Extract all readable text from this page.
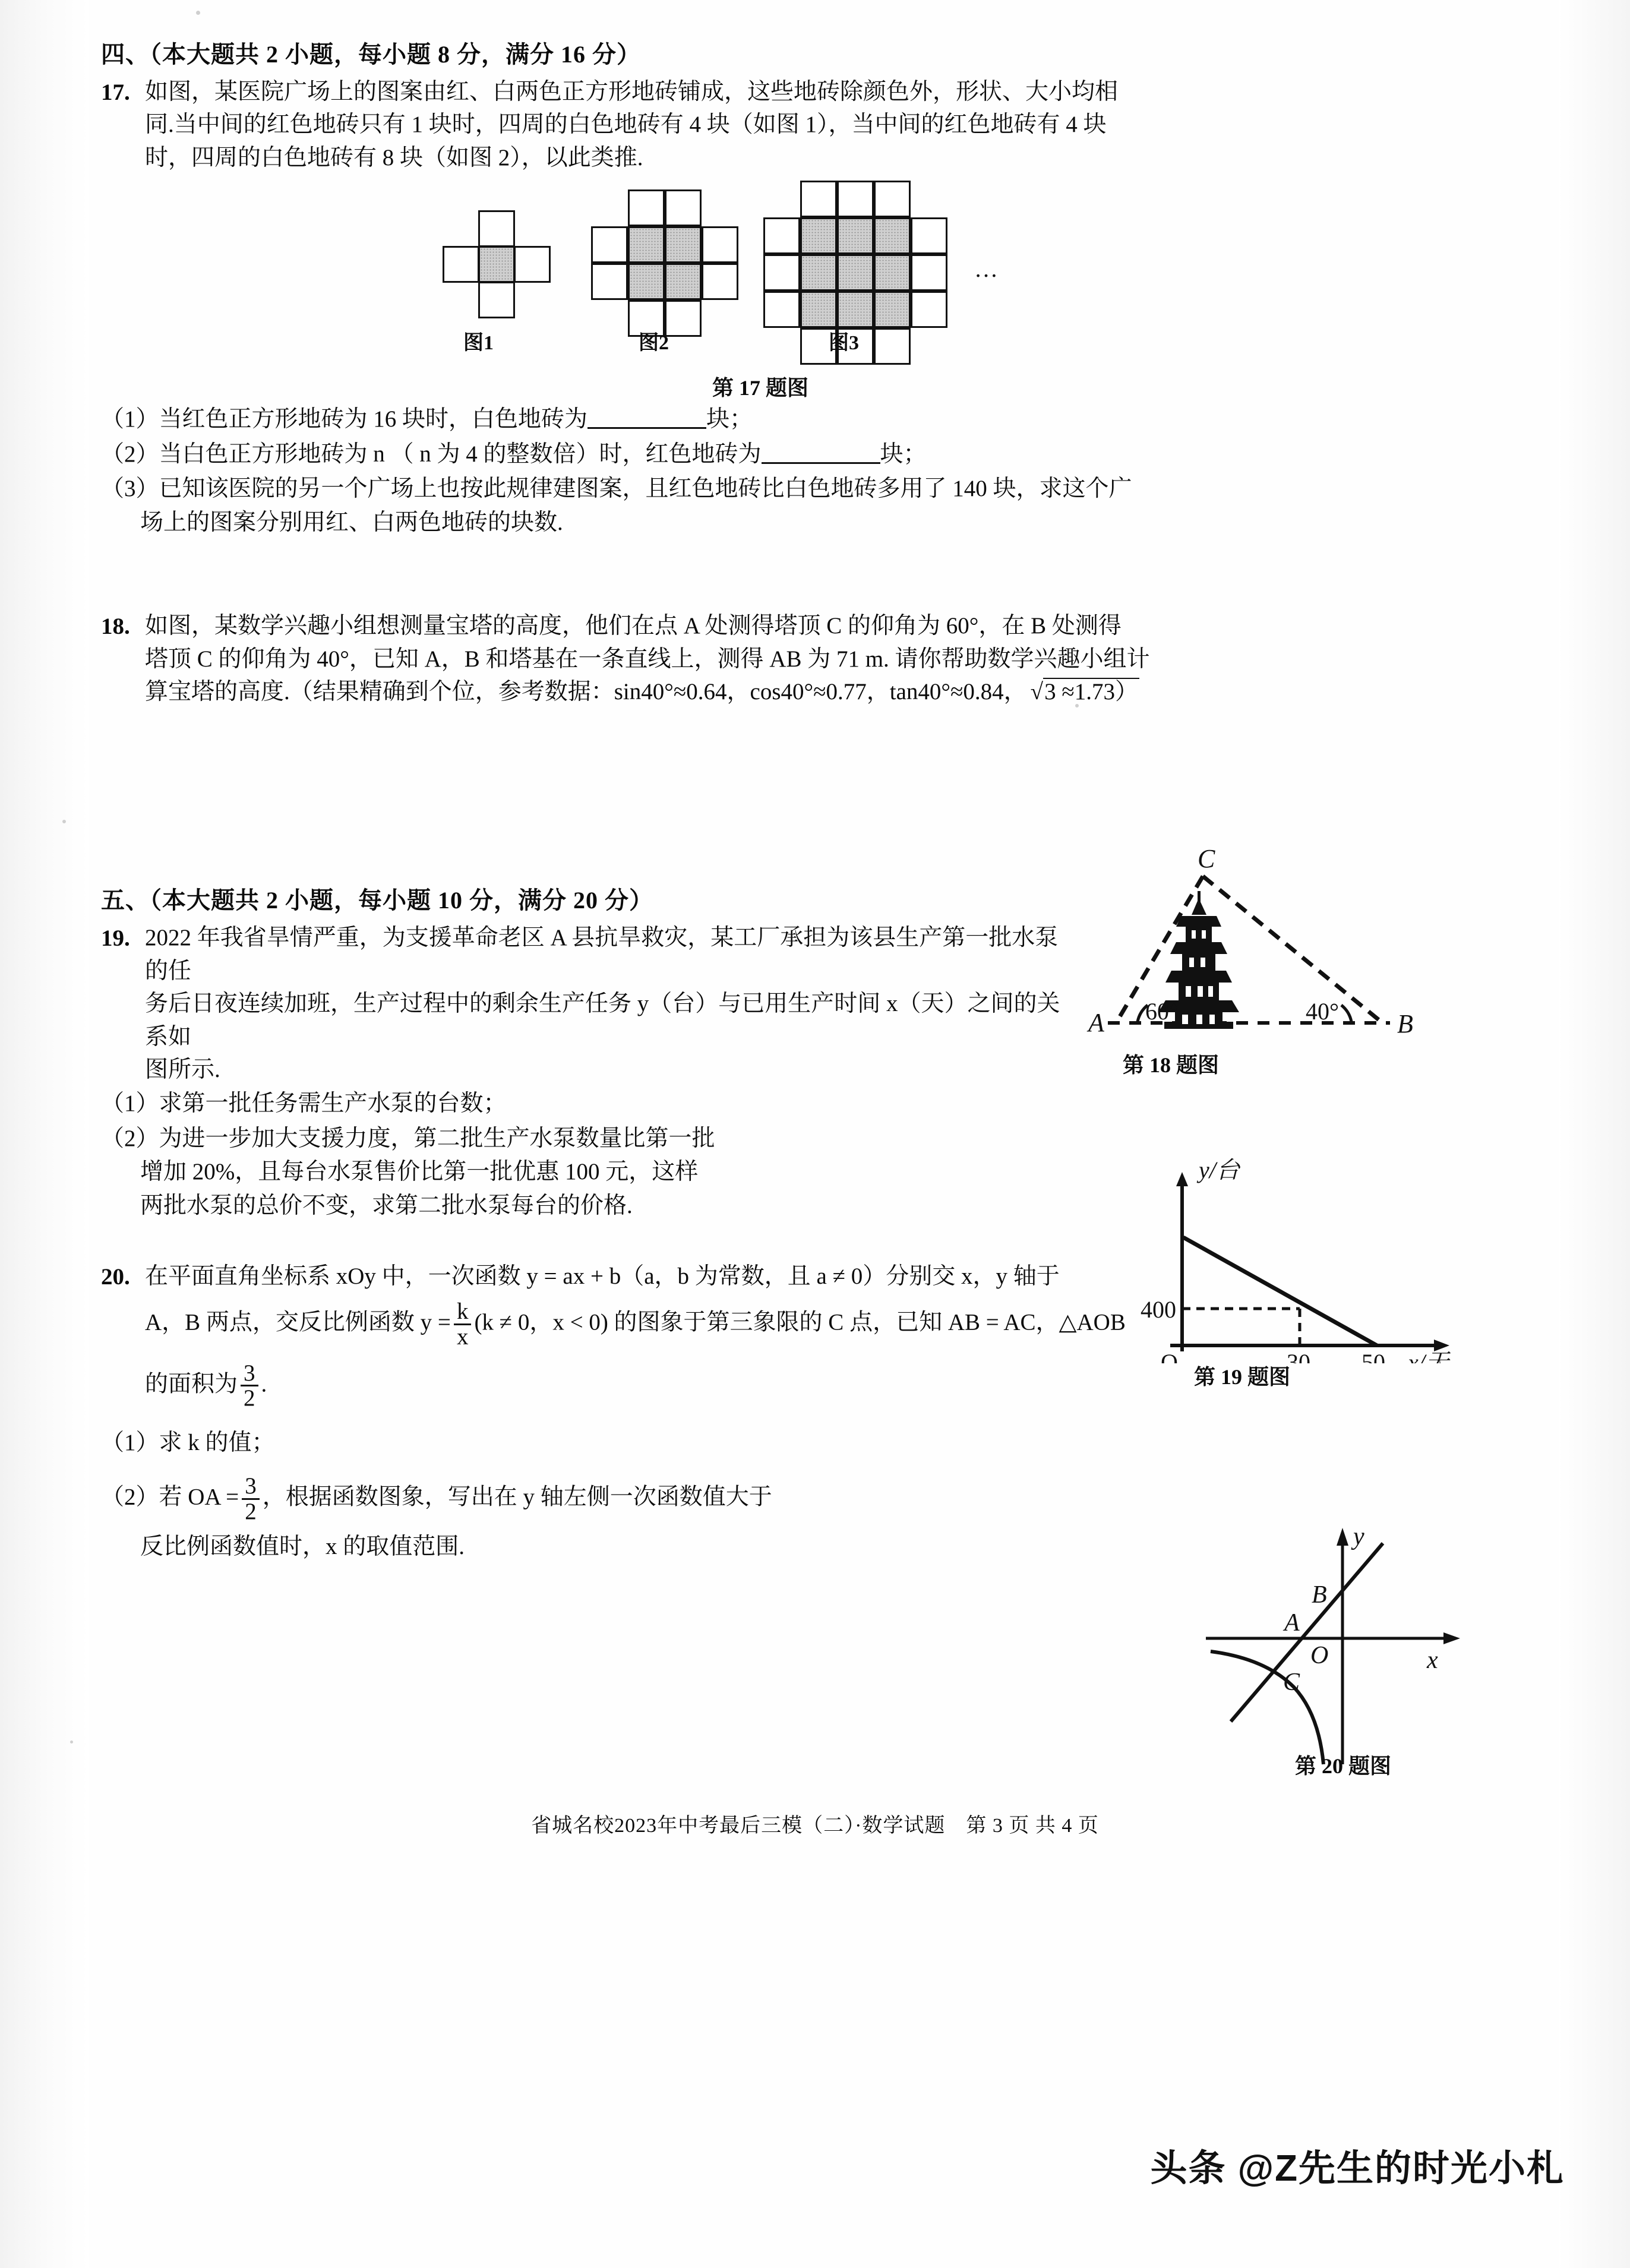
四、（本大题共 2 小题，每小题 8 分，满分 16 分）
17. 如图，某医院广场上的图案由红、白两色正方形地砖铺成，这些地砖除颜色外，形状、大小均相
同.当中间的红色地砖只有 1 块时，四周的白色地砖有 4 块（如图 1），当中间的红色地砖有 4 块
时，四周的白色地砖有 8 块（如图 2），以此类推.
图1	图2	图3
…
第 17 题图
（1）当红色正方形地砖为 16 块时，白色地砖为	块；
（2）当白色正方形地砖为 n （ n 为 4 的整数倍）时，红色地砖为	块；
（3）已知该医院的另一个广场上也按此规律建图案，且红色地砖比白色地砖多用了 140 块，求这个广
场上的图案分别用红、白两色地砖的块数.
18. 如图，某数学兴趣小组想测量宝塔的高度，他们在点 A 处测得塔顶 C 的仰角为 60°，在 B 处测得
塔顶 C 的仰角为 40°，已知 A，B 和塔基在一条直线上，测得 AB 为 71 m. 请你帮助数学兴趣小组计
算宝塔的高度.（结果精确到个位，参考数据：sin40°≈0.64，cos40°≈0.77，tan40°≈0.84， √ 3 ≈1.73）
五、（本大题共 2 小题，每小题 10 分，满分 20 分）
19. 2022 年我省旱情严重，为支援革命老区 A 县抗旱救灾，某工厂承担为该县生产第一批水泵的任
务后日夜连续加班，生产过程中的剩余生产任务 y（台）与已用生产时间 x（天）之间的关系如
图所示.
（1）求第一批任务需生产水泵的台数；
（2）为进一步加大支援力度，第二批生产水泵数量比第一批
增加 20%，且每台水泵售价比第一批优惠 100 元，这样
两批水泵的总价不变，求第二批水泵每台的价格.
20. 在平面直角坐标系 xOy 中，一次函数 y = ax + b（a，b 为常数，且 a ≠ 0）分别交 x，y 轴于
A，B 两点，交反比例函数 $y = \frac{k}{x} (k \ne 0$，x < 0) 的图象于第三象限的 C 点，已知 AB = AC，△AOB
的面积为 $\frac{3}{2}$ .
（1）求 k 的值；
（2）若 OA = $\frac{3}{2}$ ，根据函数图象，写出在 y 轴左侧一次函数值大于
反比例函数值时，x 的取值范围.
A
C
B
60°	40°
第 18 题图
y/台
x/天
400
O	30 50
第 19 题图
y
x
B
A
O
C
第 20 题图
省城名校2023年中考最后三模（二）·数学试题　第 3 页 共 4 页
头条 @Z先生的时光小札
